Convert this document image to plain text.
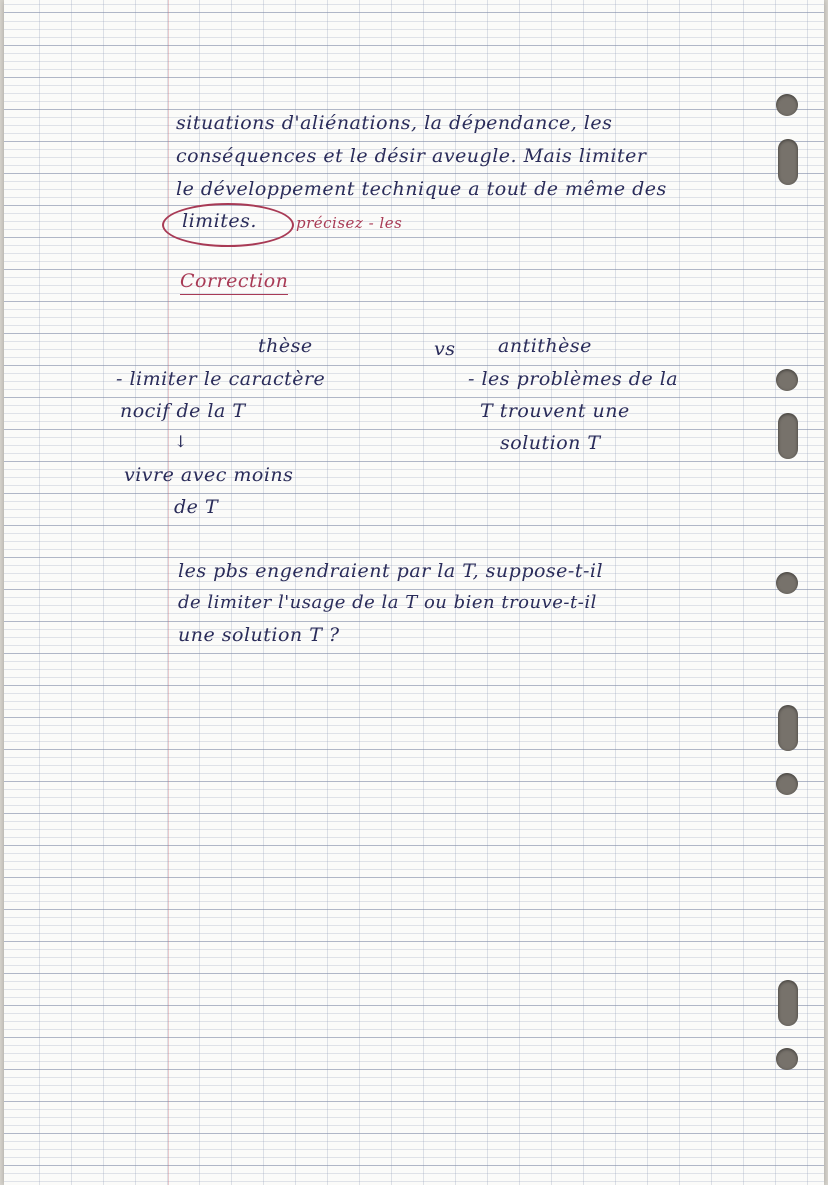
situations d'aliénations, la dépendance, les
conséquences et le désir aveugle. Mais limiter
le développement technique a tout de même des
limites.	précisez - les
Correction
thèse
- limiter le caractère
nocif de la T
↓
vivre avec moins
de T
vs antithèse
- les problèmes de la
T trouvent une
solution T
les pbs engendraient par la T, suppose-t-il
de limiter l'usage de la T ou bien trouve-t-il
une solution T ?
